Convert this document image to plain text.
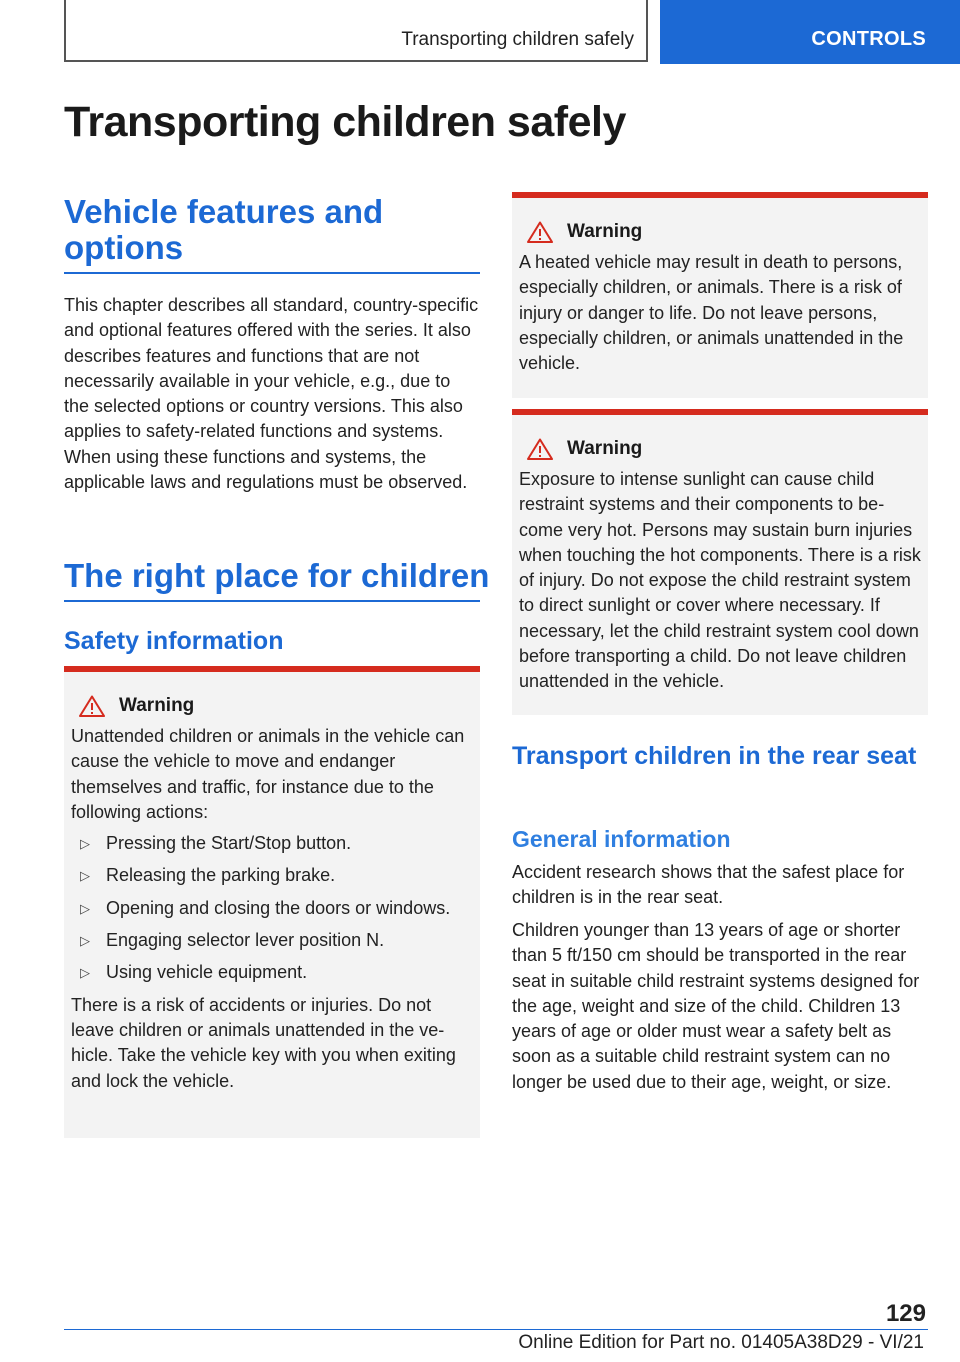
Transporting children safely	CONTROLS
Transporting children safely
Vehicle features and options

This chapter describes all standard, country-specific and optional features offered with the series. It also describes features and functions that are not necessarily available in your vehicle, e.g., due to the selected options or country versions. This also applies to safety-related functions and systems. When using these functions and systems, the applicable laws and regulations must be observed.

The right place for children
Safety information
Warning

Unattended children or animals in the vehicle can cause the vehicle to move and endanger themselves and traffic, for instance due to the following actions:

▷ Pressing the Start/Stop button.
▷ Releasing the parking brake.
▷ Opening and closing the doors or windows.
▷ Engaging selector lever position N.
▷ Using vehicle equipment.

There is a risk of accidents or injuries. Do not leave children or animals unattended in the vehicle. Take the vehicle key with you when exiting and lock the vehicle.

Warning

A heated vehicle may result in death to persons, especially children, or animals. There is a risk of injury or danger to life. Do not leave persons, especially children, or animals unattended in the vehicle.

Warning

Exposure to intense sunlight can cause child restraint systems and their components to become very hot. Persons may sustain burn injuries when touching the hot components. There is a risk of injury. Do not expose the child restraint system to direct sunlight or cover where necessary. If necessary, let the child restraint system cool down before transporting a child. Do not leave children unattended in the vehicle.

Transport children in the rear seat
General information

Accident research shows that the safest place for children is in the rear seat.

Children younger than 13 years of age or shorter than 5 ft/150 cm should be transported in the rear seat in suitable child restraint systems designed for the age, weight and size of the child. Children 13 years of age or older must wear a safety belt as soon as a suitable child restraint system can no longer be used due to their age, weight, or size.

129
Online Edition for Part no. 01405A38D29 - VI/21
